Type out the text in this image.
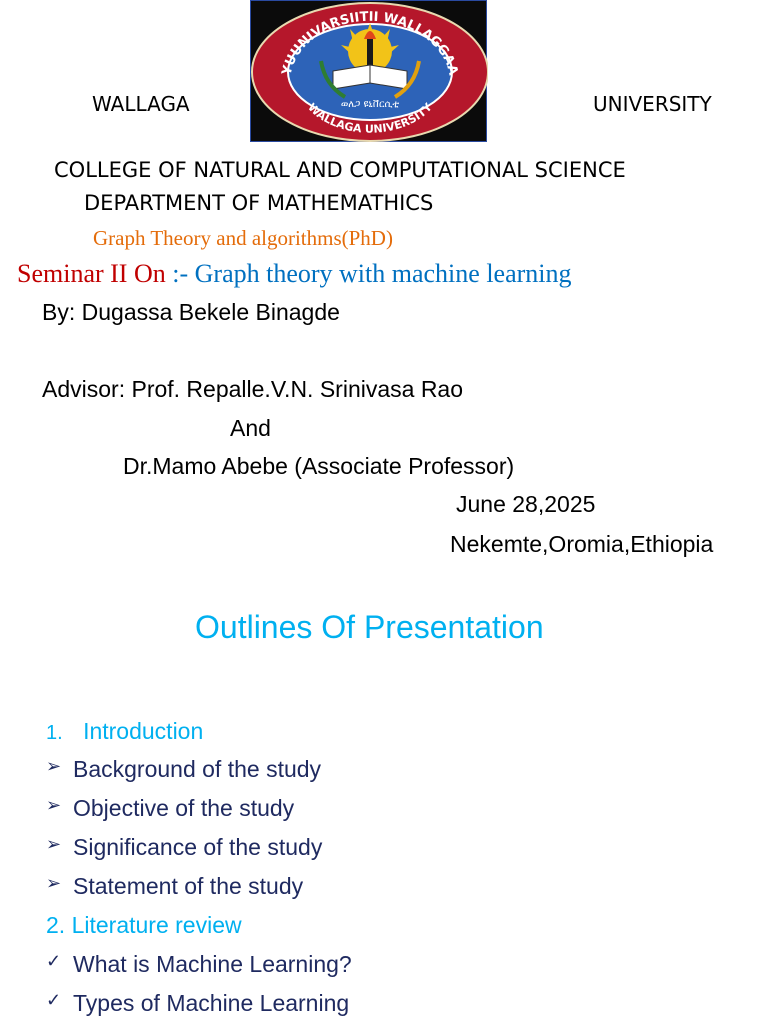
YUUNIVARSIITII WALLAGGAA
WALLAGA UNIVERSITY
ወለጋ ዩኒቨርሲቲ
WALLAGA	UNIVERSITY
COLLEGE OF NATURAL AND COMPUTATIONAL SCIENCE
DEPARTMENT OF MATHEMATHICS
Graph Theory and algorithms(PhD)
Seminar II On :- Graph theory with machine learning
By: Dugassa Bekele Binagde
Advisor: Prof. Repalle.V.N. Srinivasa Rao
And
Dr.Mamo Abebe (Associate Professor)
June 28,2025
Nekemte,Oromia,Ethiopia
Outlines Of Presentation
1. Introduction
➢ Background of the study
➢ Objective of the study
➢ Significance of the study
➢ Statement of the study
2. Literature review
✓ What is Machine Learning?
✓ Types of Machine Learning
